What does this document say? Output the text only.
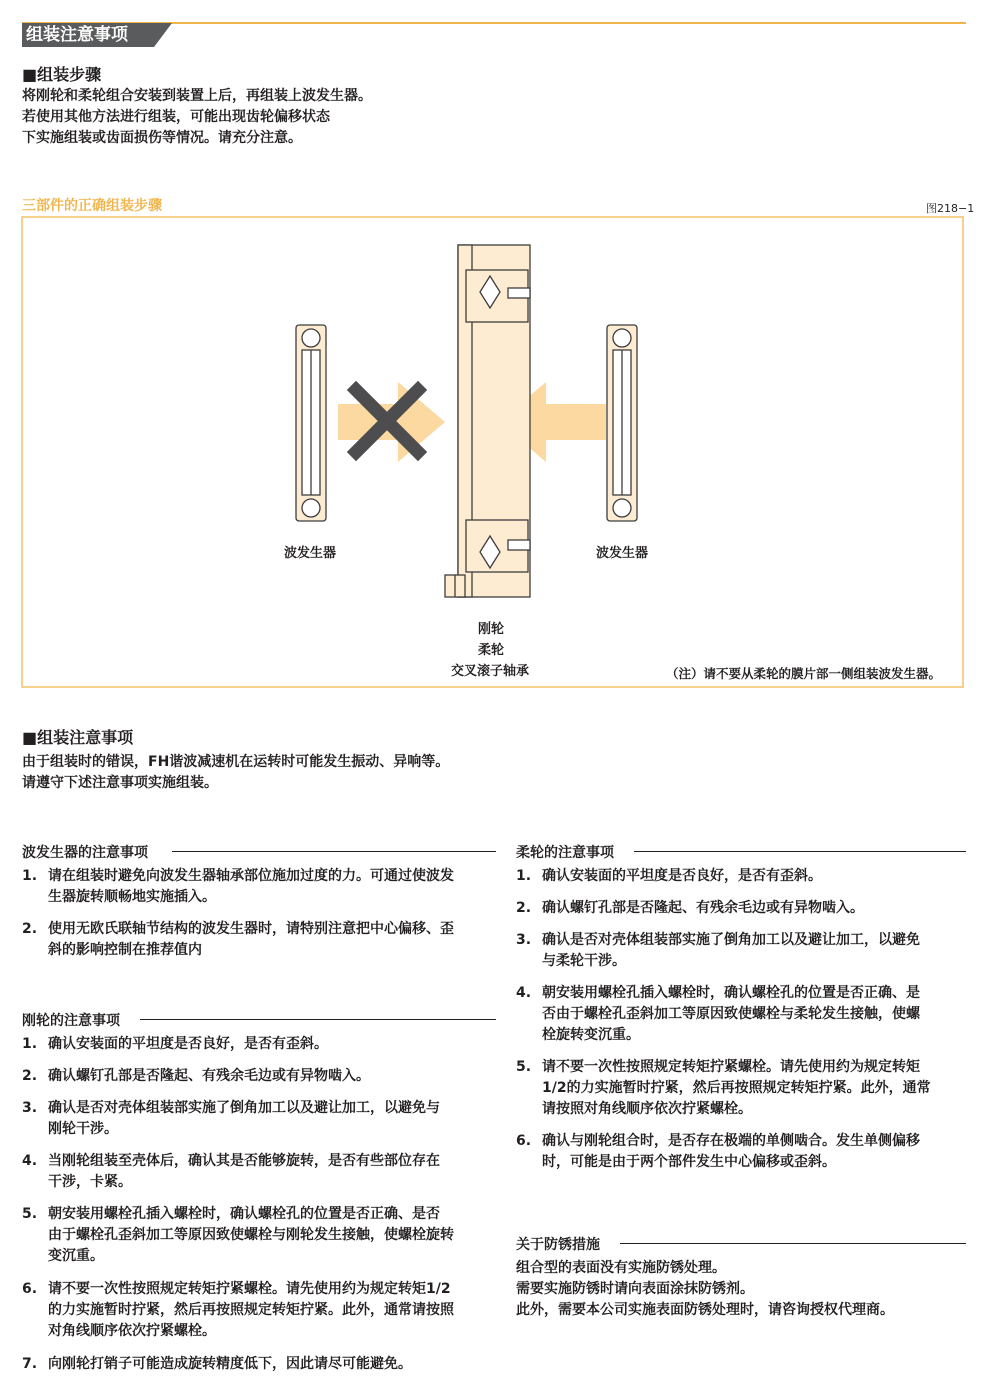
组装注意事项
■组装步骤
将刚轮和柔轮组合安装到装置上后，再组装上波发生器。
若使用其他方法进行组装，可能出现齿轮偏移状态
下实施组装或齿面损伤等情况。请充分注意。
三部件的正确组装步骤	图218−1
波发生器	波发生器
刚轮
柔轮
交叉滚子轴承	（注）请不要从柔轮的膜片部一侧组装波发生器。
■组装注意事项
由于组装时的错误，FH谐波减速机在运转时可能发生振动、异响等。
请遵守下述注意事项实施组装。
波发生器的注意事项
1. 请在组装时避免向波发生器轴承部位施加过度的力。可通过使波发
生器旋转顺畅地实施插入。
2. 使用无欧氏联轴节结构的波发生器时，请特别注意把中心偏移、歪
斜的影响控制在推荐值内
刚轮的注意事项
1. 确认安装面的平坦度是否良好，是否有歪斜。
2. 确认螺钉孔部是否隆起、有残余毛边或有异物啮入。
3. 确认是否对壳体组装部实施了倒角加工以及避让加工，以避免与
刚轮干涉。
4. 当刚轮组装至壳体后，确认其是否能够旋转，是否有些部位存在
干涉，卡紧。
5. 朝安装用螺栓孔插入螺栓时，确认螺栓孔的位置是否正确、是否
由于螺栓孔歪斜加工等原因致使螺栓与刚轮发生接触，使螺栓旋转
变沉重。
6. 请不要一次性按照规定转矩拧紧螺栓。请先使用约为规定转矩1/2
的力实施暂时拧紧，然后再按照规定转矩拧紧。此外，通常请按照
对角线顺序依次拧紧螺栓。
7. 向刚轮打销子可能造成旋转精度低下，因此请尽可能避免。
柔轮的注意事项
1. 确认安装面的平坦度是否良好，是否有歪斜。
2. 确认螺钉孔部是否隆起、有残余毛边或有异物啮入。
3. 确认是否对壳体组装部实施了倒角加工以及避让加工，以避免
与柔轮干涉。
4. 朝安装用螺栓孔插入螺栓时，确认螺栓孔的位置是否正确、是
否由于螺栓孔歪斜加工等原因致使螺栓与柔轮发生接触，使螺
栓旋转变沉重。
5. 请不要一次性按照规定转矩拧紧螺栓。请先使用约为规定转矩
1/2的力实施暂时拧紧，然后再按照规定转矩拧紧。此外，通常
请按照对角线顺序依次拧紧螺栓。
6. 确认与刚轮组合时，是否存在极端的单侧啮合。发生单侧偏移
时，可能是由于两个部件发生中心偏移或歪斜。
关于防锈措施
组合型的表面没有实施防锈处理。
需要实施防锈时请向表面涂抹防锈剂。
此外，需要本公司实施表面防锈处理时，请咨询授权代理商。
